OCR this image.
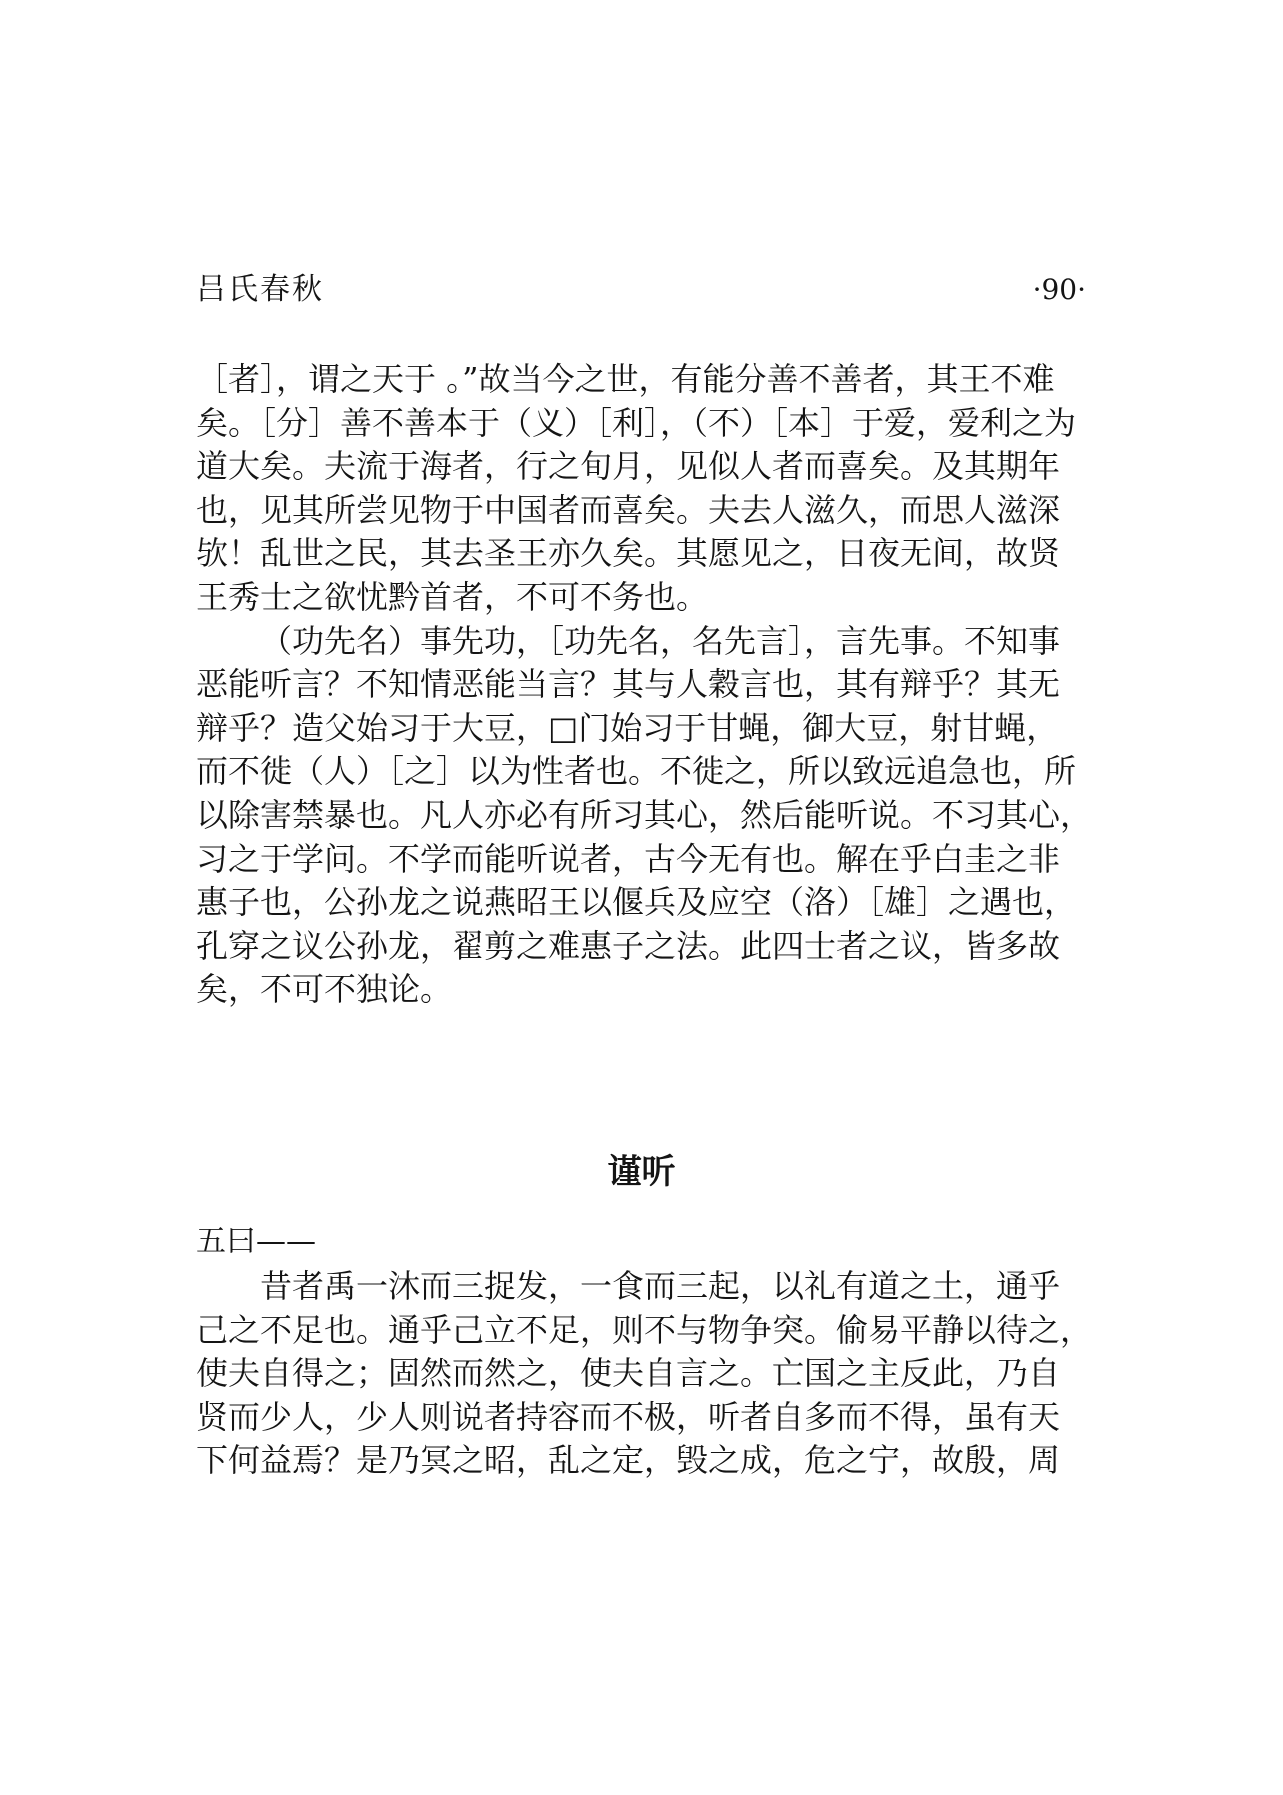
吕氏春秋	·90·
［者］，谓之天于 。”故当今之世，有能分善不善者，其王不难
矣。［分］善不善本于（义）［利］，（不）［本］于爱，爱利之为
道大矣。夫流于海者，行之旬月，见似人者而喜矣。及其期年
也，见其所尝见物于中国者而喜矣。夫去人滋久，而思人滋深
欤！乱世之民，其去圣王亦久矣。其愿见之，日夜无间，故贤
王秀士之欲忧黔首者，不可不务也。
（功先名）事先功，［功先名，名先言］，言先事。不知事
恶能听言？不知情恶能当言？其与人穀言也，其有辩乎？其无
辩乎？造父始习于大豆，□门始习于甘蝇，御大豆，射甘蝇，
而不徙（人）［之］以为性者也。不徙之，所以致远追急也，所
以除害禁暴也。凡人亦必有所习其心，然后能听说。不习其心，
习之于学问。不学而能听说者，古今无有也。解在乎白圭之非
惠子也，公孙龙之说燕昭王以偃兵及应空（洛）［雄］之遇也，
孔穿之议公孙龙，翟剪之难惠子之法。此四士者之议，皆多故
矣，不可不独论。
谨听
五曰——
昔者禹一沐而三捉发，一食而三起，以礼有道之土，通乎
己之不足也。通乎己立不足，则不与物争突。偷易平静以待之，
使夫自得之；固然而然之，使夫自言之。亡国之主反此，乃自
贤而少人，少人则说者持容而不极，听者自多而不得，虽有天
下何益焉？是乃冥之昭，乱之定，毁之成，危之宁，故殷，周
